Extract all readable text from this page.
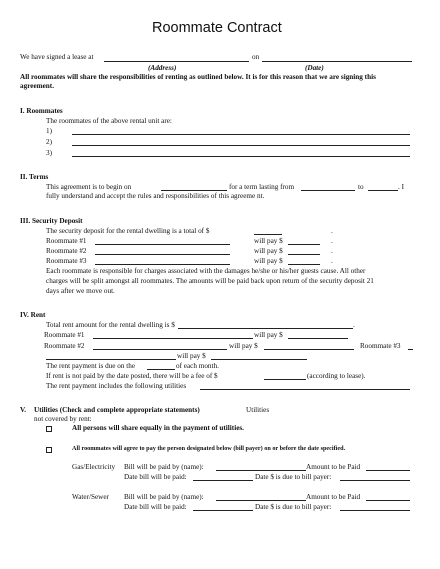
Roommate Contract
We have signed a lease at	on
(Address)	(Date)
All roommates will share the responsibilities of renting as outlined below. It is for this reason that we are signing this
agreement.
I. Roommates
The roommates of the above rental unit are:
1)
2)
3)
II. Terms
This agreement is to begin on	for a term lasting from	to	. I
fully understand and accept the rules and responsibilities of this agreeme nt.
III. Security Deposit
The security deposit for the rental dwelling is a total of $	.
Roommate #1	will pay $	.
Roommate #2	will pay $	.
Roommate #3	will pay $	.
Each roommate is responsible for charges associated with the damages he/she or his/her guests cause. All other
charges will be split amongst all roommates. The amounts will be paid back upon return of the security deposit 21
days after we move out.
IV. Rent
Total rent amount for the rental dwelling is $	.
Roommate #1	will pay $
Roommate #2	will pay $	Roommate #3
will pay $
The rent payment is due on the	of each month.
If rent is not paid by the date posted, there will be a fee of $	(according to lease).
The rent payment includes the following utilities
V. Utilities (Check and complete appropriate statements)	Utilities
not covered by rent:
All persons will share equally in the payment of utilities.
All roommates will agree to pay the person designated below (bill payer) on or before the date specified.
Gas/Electricity Bill will be paid by (name):	Amount to be Paid
Date bill will be paid:	Date $ is due to bill payer:
Water/Sewer Bill will be paid by (name):	Amount to be Paid
Date bill will be paid:	Date $ is due to bill payer:
